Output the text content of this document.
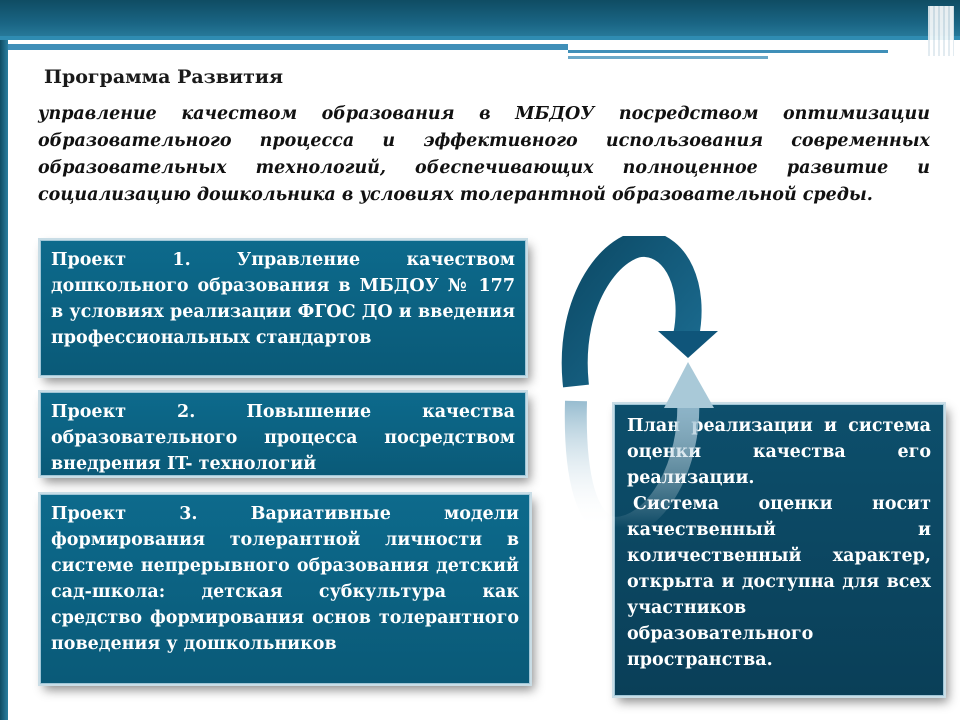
Программа Развития
управление качеством образования в МБДОУ посредством оптимизации образовательного процесса и эффективного использования современных образовательных технологий, обеспечивающих полноценное развитие и социализацию дошкольника в условиях толерантной образовательной среды.
Проект 1. Управление качеством дошкольного образования в МБДОУ № 177 в условиях реализации ФГОС ДО и введения профессиональных стандартов
Проект 2. Повышение качества образовательного процесса посредством внедрения IT- технологий
Проект 3. Вариативные модели формирования толерантной личности в системе непрерывного образования детский сад-школа: детская субкультура как средство формирования основ толерантного поведения у дошкольников
План реализации и система оценки качества его реализации.
Система оценки носит качественный и количественный характер, открыта и доступна для всех участников образовательного пространства.
